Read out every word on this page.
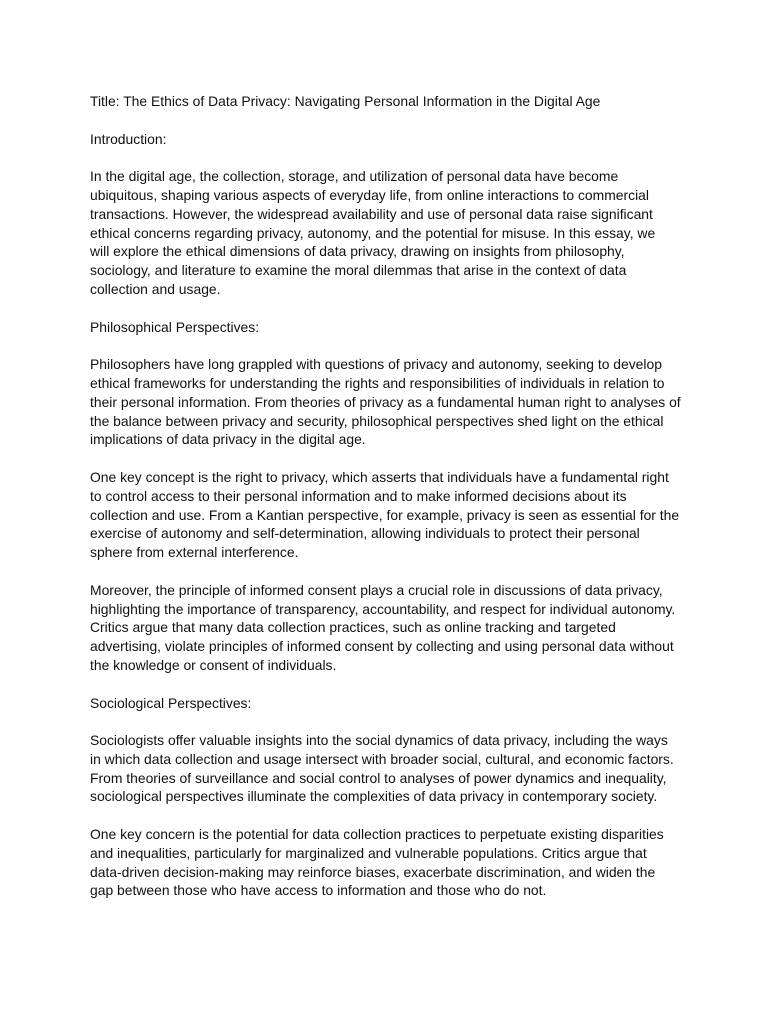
Title: The Ethics of Data Privacy: Navigating Personal Information in the Digital Age

Introduction:

In the digital age, the collection, storage, and utilization of personal data have become

ubiquitous, shaping various aspects of everyday life, from online interactions to commercial

transactions. However, the widespread availability and use of personal data raise significant

ethical concerns regarding privacy, autonomy, and the potential for misuse. In this essay, we

will explore the ethical dimensions of data privacy, drawing on insights from philosophy,

sociology, and literature to examine the moral dilemmas that arise in the context of data

collection and usage.

Philosophical Perspectives:

Philosophers have long grappled with questions of privacy and autonomy, seeking to develop

ethical frameworks for understanding the rights and responsibilities of individuals in relation to

their personal information. From theories of privacy as a fundamental human right to analyses of

the balance between privacy and security, philosophical perspectives shed light on the ethical

implications of data privacy in the digital age.

One key concept is the right to privacy, which asserts that individuals have a fundamental right

to control access to their personal information and to make informed decisions about its

collection and use. From a Kantian perspective, for example, privacy is seen as essential for the

exercise of autonomy and self-determination, allowing individuals to protect their personal

sphere from external interference.

Moreover, the principle of informed consent plays a crucial role in discussions of data privacy,

highlighting the importance of transparency, accountability, and respect for individual autonomy.

Critics argue that many data collection practices, such as online tracking and targeted

advertising, violate principles of informed consent by collecting and using personal data without

the knowledge or consent of individuals.

Sociological Perspectives:

Sociologists offer valuable insights into the social dynamics of data privacy, including the ways

in which data collection and usage intersect with broader social, cultural, and economic factors.

From theories of surveillance and social control to analyses of power dynamics and inequality,

sociological perspectives illuminate the complexities of data privacy in contemporary society.

One key concern is the potential for data collection practices to perpetuate existing disparities

and inequalities, particularly for marginalized and vulnerable populations. Critics argue that

data-driven decision-making may reinforce biases, exacerbate discrimination, and widen the

gap between those who have access to information and those who do not.
